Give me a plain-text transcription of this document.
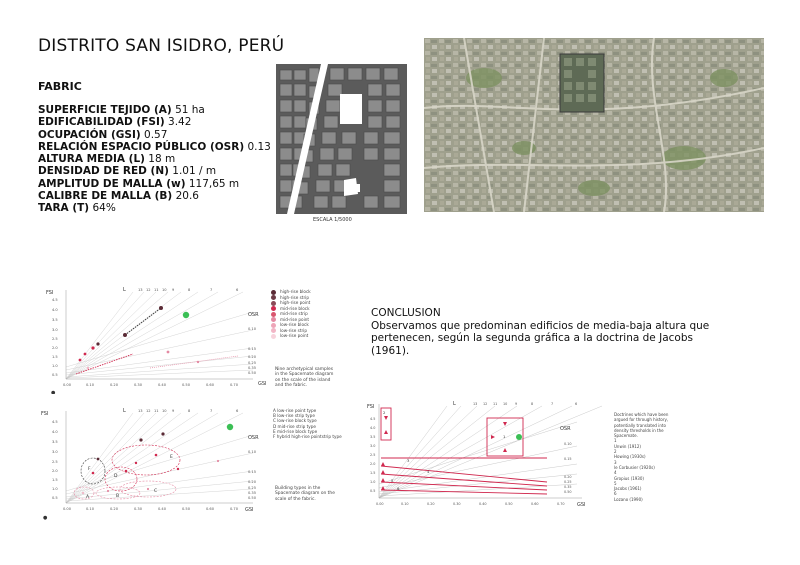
DISTRITO SAN ISIDRO, PERÚ
FABRIC
SUPERFICIE TEJIDO (A) 51 ha
EDIFICABILIDAD (FSI) 3.42
OCUPACIÓN (GSI) 0.57
RELACIÓN ESPACIO PÚBLICO (OSR) 0.13
ALTURA MEDIA (L) 18 m
DENSIDAD DE RED (N) 1.01 / m
AMPLITUD DE MALLA (w) 117,65 m
CALIBRE DE MALLA (B) 20.6
TARA (T) 64%
ESCALA 1/5000
CONCLUSION
Observamos que predominan edificios de media-baja altura que pertenecen, según la segunda gráfica a la doctrina de Jacobs (1961).
FSI
GSI
L
OSR
13 12 11 10 9	8	7	6
4.5
4.0
3.5
3.0
2.5
2.0
1.5
1.0
0.5
0.00	0.10	0.20	0.30	0.40	0.50	0.60	0.70
0.10
0.15
0.20
0.25
0.35
0.50
●
high-rise block
high-rise strip
high-rise point
mid-rise block
mid-rise strip
mid-rise point
low-rise block
low-rise strip
low-rise point
Nine archetypical samples in the Spacemate diagram on the scale of the island and the fabric.
FSI
GSI
L
OSR
13 12 11 10 9	8	7	6
4.5
4.0
3.5
3.0
2.5
2.0
1.5
1.0
0.5
0.00	0.10	0.20	0.30	0.40	0.50	0.60	0.70
0.10
0.15
0.20
0.25
0.35
0.50
A	B
C
D
E
F
●
A low-rise point type
B low-rise strip type
C low-rise block type
D mid-rise strip type
E mid-rise block type
F hybrid high-rise pointstrip type
Building types in the Spacemate diagram on the scale of the fabric.
FSI
GSI
L
OSR
13 12 11 10 9	8	7	6
4.5
4.0
3.5
3.0
2.5
2.0
1.5
1.0
0.5
0.00	0.10	0.20	0.30	0.40	0.50	0.60	0.70
0.10
0.15
0.20
0.25
0.35
0.50
2
1
3
4
5
6
Doctrines which have been argued for through history, potentially translated into density thresholds in the Spacemate.
1
Unwin (1912)
2
Howing (1930s)
3
le Corbusier (1920s)
4
Gropius (1930)
5
Jacobs (1961)
6
Lozano (1990)
